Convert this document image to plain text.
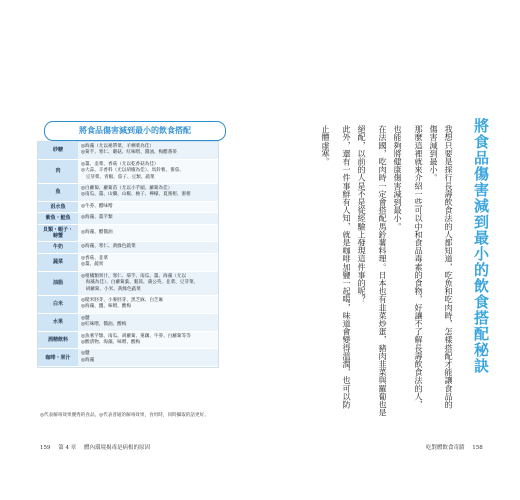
將食品傷害減到最小的飲食搭配
砂糖	◎海藻（尤以裙帶菜、羊栖菜為佳）
◎菊芋、寒仁、蘑菇、紅味噌、醬油、梅醋番茶

肉	◎薑、韭菜、香菇（尤以乾香菇為佳）
◎大蒜、辛香料（尤以胡椒為佳）、馬鈴薯、番茄、
　豆芽菜、青椒、茄子、豆類、蔬菜

魚	◎白蘿蔔、蘿蔔苗（尤以小芋頭、蘿蔔為佳）
◎南瓜、薑、山藥、山椒、柚子、檸檬、夏蜜柑、蜜柑

沮水魚	◎牛蒡、醋味噌

紫魚・鮭魚	◎海藻、薑芋類

貝類・蝦子・螃蟹	◎海藻、醋醬油

牛奶	◎海藻、寒仁、黃綠色蔬菜

蔬菜	◎香菇、韭菜
◎薑、蔬果

油脂	◎柑橘類果汁、寒仁、菊芋、南瓜、薑、海藻（尤以
　海藻為佳）、白蘿蔔葉、魁蒿、蒲公英、韭菜、豆芽菜、
　胡蘿蔔、小米、黃綠色蔬菜

白米	◎糙米胚芽、小麥胚芽、黑芝麻、白芝麻
◎海藻、鹽、味噌、酸梅

水果	◎鹽
◎紅味噌、醬油、酸梅

酒精飲料	◎魚薯芋類、南瓜、胡蘿蔔、蓮藕、牛蒡、白蘿蔔等等
◎酸漬物、海藻、味噌、酸梅

咖啡・果汁	◎鹽
◎海藻
◎代表解毒效果優秀的食品，◎代表普通的解毒效果，食用時，同時攝取的話更好。
159 第 4 章 體內環境揭毒是病根的原因
將食品傷害減到最小的飲食搭配秘訣

我想只要是採行長壽飲食法的人都知道，吃魚和吃肉時，怎樣搭配才能讓食品的

傷害減到最小。

那麼這裡就來介紹一些可以中和食品毒素的食物，好讓不了解長壽飲食法的人，

也能夠將健康傷害減到最小。

在法國，吃肉時一定會搭配馬鈴薯料理。日本也有韭菜炒蛋，豬肉韭菜與羅蔔也是

絕配，以前的人是不是從經驗上發現這件事的呢？

此外，還有一件事鮮有人知，就是咖啡加鹽一起喝，味道會變得溫潤，也可以防

止體虛寒。

吃對體飲食奇蹟 158
